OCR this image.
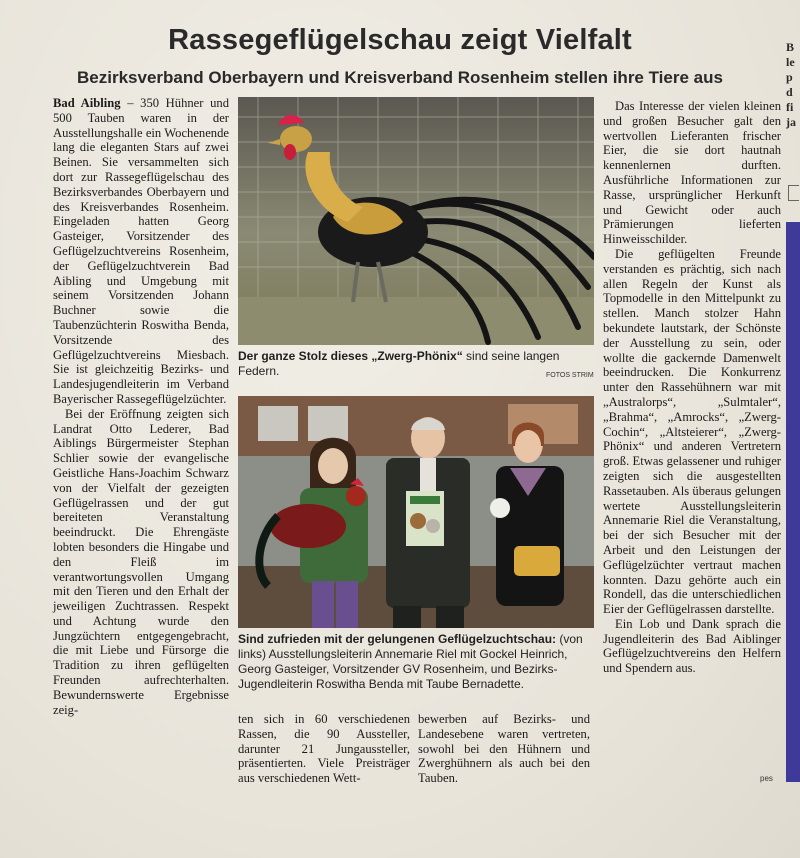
Rassegeflügelschau zeigt Vielfalt
Bezirksverband Oberbayern und Kreisverband Rosenheim stellen ihre Tiere aus

Bad Aibling – 350 Hühner und 500 Tauben waren in der Ausstellungshalle ein Wochenende lang die eleganten Stars auf zwei Beinen. Sie versammelten sich dort zur Rassegeflügelschau des Bezirksverbandes Oberbayern und des Kreisverbandes Rosenheim. Eingeladen hatten Georg Gasteiger, Vorsitzender des Geflügelzuchtvereins Rosenheim, der Geflügelzuchtverein Bad Aibling und Umgebung mit seinem Vorsitzenden Johann Buchner sowie die Taubenzüchterin Roswitha Benda, Vorsitzende des Geflügelzuchtvereins Miesbach. Sie ist gleichzeitig Bezirks- und Landesjugendleiterin im Verband Bayerischer Rassegeflügelzüchter.

Bei der Eröffnung zeigten sich Landrat Otto Lederer, Bad Aiblings Bürgermeister Stephan Schlier sowie der evangelische Geistliche Hans-Joachim Schwarz von der Vielfalt der gezeigten Geflügelrassen und der gut bereiteten Veranstaltung beeindruckt. Die Ehrengäste lobten besonders die Hingabe und den Fleiß im verantwortungsvollen Umgang mit den Tieren und den Erhalt der jeweiligen Zuchtrassen. Respekt und Achtung wurde den Jungzüchtern entgegengebracht, die mit Liebe und Fürsorge die Tradition zu ihren geflügelten Freunden aufrechterhalten. Bewundernswerte Ergebnisse zeig-

Der ganze Stolz dieses „Zwerg-Phönix“ sind seine langen Federn.	FOTOS STRIM
Sind zufrieden mit der gelungenen Geflügelzuchtschau: (von links) Ausstellungsleiterin Annemarie Riel mit Gockel Heinrich, Georg Gasteiger, Vorsitzender GV Rosenheim, und Bezirks-Jugendleiterin Roswitha Benda mit Taube Bernadette.

ten sich in 60 verschiedenen Rassen, die 90 Aussteller, darunter 21 Jungaussteller, präsentierten. Viele Preisträger aus verschiedenen Wett-

bewerben auf Bezirks- und Landesebene waren vertreten, sowohl bei den Hühnern und Zwerghühnern als auch bei den Tauben.

Das Interesse der vielen kleinen und großen Besucher galt den wertvollen Lieferanten frischer Eier, die sie dort hautnah kennenlernen durften. Ausführliche Informationen zur Rasse, ursprünglicher Herkunft und Gewicht oder auch Prämierungen lieferten Hinweisschilder.

Die geflügelten Freunde verstanden es prächtig, sich nach allen Regeln der Kunst als Topmodelle in den Mittelpunkt zu stellen. Manch stolzer Hahn bekundete lautstark, der Schönste der Ausstellung zu sein, oder wollte die gackernde Damenwelt beeindrucken. Die Konkurrenz unter den Rassehühnern war mit „Australorps“, „Sulmtaler“, „Brahma“, „Amrocks“, „Zwerg-Cochin“, „Altsteierer“, „Zwerg-Phönix“ und anderen Vertretern groß. Etwas gelassener und ruhiger zeigten sich die ausgestellten Rassetauben. Als überaus gelungen wertete Ausstellungsleiterin Annemarie Riel die Veranstaltung, bei der sich Besucher mit der Arbeit und den Leistungen der Geflügelzüchter vertraut machen konnten. Dazu gehörte auch ein Rondell, das die unterschiedlichen Eier der Geflügelrassen darstellte.

Ein Lob und Dank sprach die Jugendleiterin des Bad Aiblinger Geflügelzuchtvereins den Helfern und Spendern aus.

pes
B
le
p
d
fi
ja
